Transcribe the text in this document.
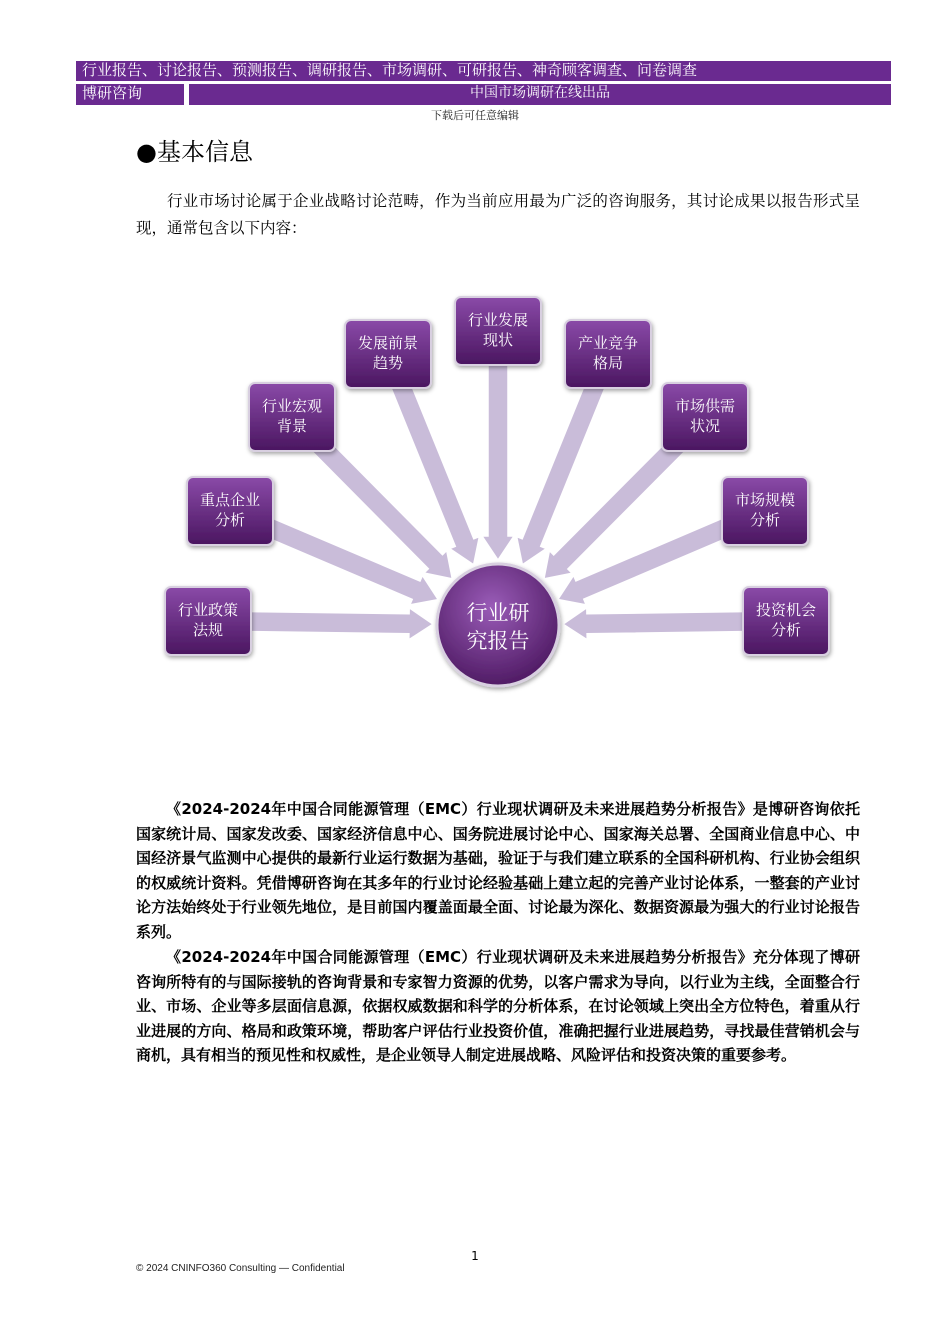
行业报告、讨论报告、预测报告、调研报告、市场调研、可研报告、神奇顾客调查、问卷调查
博研咨询	中国市场调研在线出品
下载后可任意编辑
●基本信息

行业市场讨论属于企业战略讨论范畴，作为当前应用最为广泛的咨询服务，其讨论成果以报告形式呈现，通常包含以下内容：

行业政策
法规
重点企业
分析
行业宏观
背景
发展前景
趋势
行业发展
现状	产业竞争
格局
市场供需
状况
市场规模
分析
投资机会
分析
行业研
究报告

《2024-2024年中国合同能源管理（EMC）行业现状调研及未来进展趋势分析报告》是博研咨询依托国家统计局、国家发改委、国家经济信息中心、国务院进展讨论中心、国家海关总署、全国商业信息中心、中国经济景气监测中心提供的最新行业运行数据为基础，验证于与我们建立联系的全国科研机构、行业协会组织的权威统计资料。凭借博研咨询在其多年的行业讨论经验基础上建立起的完善产业讨论体系，一整套的产业讨论方法始终处于行业领先地位，是目前国内覆盖面最全面、讨论最为深化、数据资源最为强大的行业讨论报告系列。

《2024-2024年中国合同能源管理（EMC）行业现状调研及未来进展趋势分析报告》充分体现了博研咨询所特有的与国际接轨的咨询背景和专家智力资源的优势，以客户需求为导向，以行业为主线，全面整合行业、市场、企业等多层面信息源，依据权威数据和科学的分析体系，在讨论领域上突出全方位特色，着重从行业进展的方向、格局和政策环境，帮助客户评估行业投资价值，准确把握行业进展趋势，寻找最佳营销机会与商机，具有相当的预见性和权威性，是企业领导人制定进展战略、风险评估和投资决策的重要参考。

1
© 2024 CNINFO360 Consulting — Confidential
